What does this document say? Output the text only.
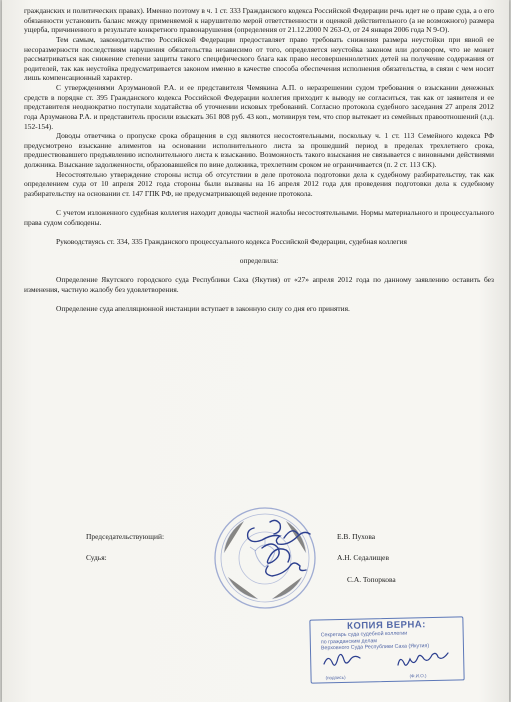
гражданских и политических правах). Именно поэтому в ч. 1 ст. 333 Гражданского кодекса Российской Федерации речь идет не о праве суда, а о его обязанности установить баланс между применяемой к нарушителю мерой ответственности и оценкой действительного (а не возможного) размера ущерба, причиненного в результате конкретного правонарушения (определения от 21.12.2000 N 263-О, от 24 января 2006 года N 9-О).

Тем самым, законодательство Российской Федерации предоставляет право требовать снижения размера неустойки при явной ее несоразмерности последствиям нарушения обязательства независимо от того, определяется неустойка законом или договором, что не может рассматриваться как снижение степени защиты такого специфического блага как право несовершеннолетних детей на получение содержания от родителей, так как неустойка предусматривается законом именно в качестве способа обеспечения исполнения обязательства, в связи с чем носит лишь компенсационный характер.

С утверждениями Арзумановой Р.А. и ее представителя Чемякина А.П. о неразрешении судом требования о взыскании денежных средств в порядке ст. 395 Гражданского кодекса Российской Федерации коллегия приходит к выводу не согласиться, так как от заявителя и ее представителя неоднократно поступали ходатайства об уточнении исковых требований. Согласно протокола судебного заседания 27 апреля 2012 года Арзуманова Р.А. и представитель просили взыскать 361 808 руб. 43 коп., мотивируя тем, что спор вытекает из семейных правоотношений (л.д. 152-154).

Доводы ответчика о пропуске срока обращения в суд являются несостоятельными, поскольку ч. 1 ст. 113 Семейного кодекса РФ предусмотрено взыскание алиментов на основании исполнительного листа за прошедший период в пределах трехлетнего срока, предшествовавшего предъявлению исполнительного листа к взысканию. Возможность такого взыскания не связывается с виновными действиями должника. Взыскание задолженности, образовавшейся по вине должника, трехлетним сроком не ограничивается (п. 2 ст. 113 СК).

Несостоятельно утверждение стороны истца об отсутствии в деле протокола подготовки дела к судебному разбирательству, так как определением суда от 10 апреля 2012 года стороны были вызваны на 16 апреля 2012 года для проведения подготовки дела к судебному разбирательству на основании ст. 147 ГПК РФ, не предусматривающей ведение протокола.

С учетом изложенного судебная коллегия находит доводы частной жалобы несостоятельными. Нормы материального и процессуального права судом соблюдены.

Руководствуясь ст. 334, 335 Гражданского процессуального кодекса Российской Федерации, судебная коллегия

определила:

Определение Якутского городского суда Республики Саха (Якутия) от «27» апреля 2012 года по данному заявлению оставить без изменения, частную жалобу без удовлетворения.

Определение суда апелляционной инстанции вступает в законную силу со дня его принятия.

Председательствующий:	Е.В. Пухова
Судья:	А.Н. Седалищев
С.А. Топоркова
КОПИЯ ВЕРНА:
Секретарь суда судебной коллегии
по гражданским делам
Верховного Суда Республики Саха (Якутия)
(подпись)	(Ф.И.О.)
